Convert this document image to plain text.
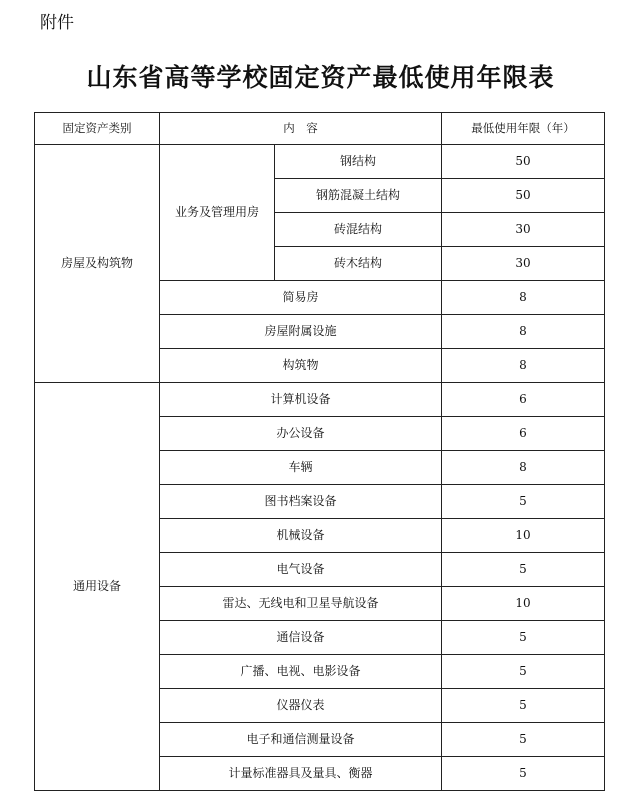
附件
山东省高等学校固定资产最低使用年限表
固定资产类别	内　容		最低使用年限（年）
房屋及构筑物	业务及管理用房	钢结构	50
		钢筋混凝土结构	50
		砖混结构	30
		砖木结构	30
	简易房		8
	房屋附属设施		8
	构筑物		8
通用设备	计算机设备		6
	办公设备		6
	车辆		8
	图书档案设备		5
	机械设备		10
	电气设备		5
	雷达、无线电和卫星导航设备		10
	通信设备		5
	广播、电视、电影设备		5
	仪器仪表		5
	电子和通信测量设备		5
	计量标准器具及量具、衡器		5
